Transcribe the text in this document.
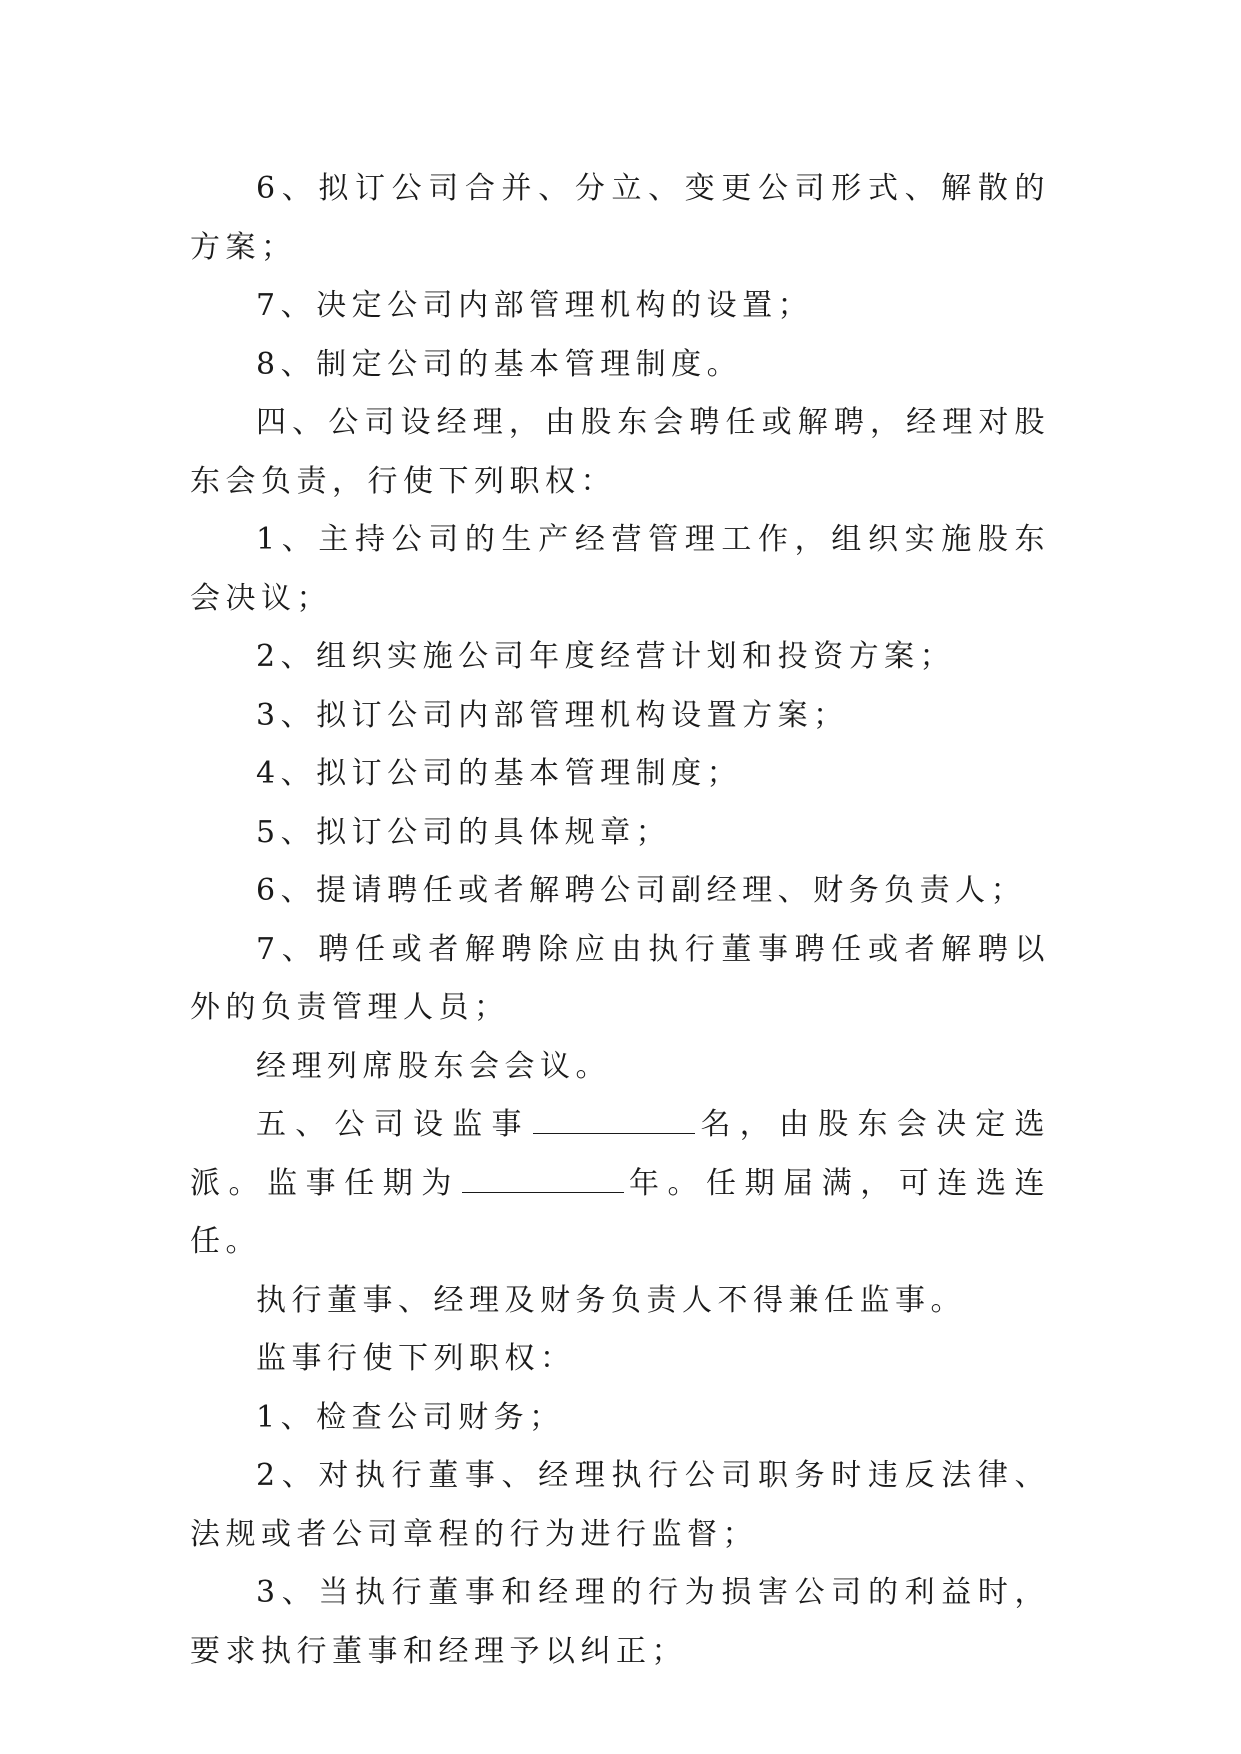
6、拟订公司合并、分立、变更公司形式、解散的方案；

7、决定公司内部管理机构的设置；

8、制定公司的基本管理制度。

四、公司设经理，由股东会聘任或解聘，经理对股东会负责，行使下列职权：

1、主持公司的生产经营管理工作，组织实施股东会决议；

2、组织实施公司年度经营计划和投资方案；

3、拟订公司内部管理机构设置方案；

4、拟订公司的基本管理制度；

5、拟订公司的具体规章；

6、提请聘任或者解聘公司副经理、财务负责人；

7、聘任或者解聘除应由执行董事聘任或者解聘以外的负责管理人员；

经理列席股东会会议。

五、公司设监事	名，由股东会决定选派。监事任期为	年。任期届满，可连选连任。

执行董事、经理及财务负责人不得兼任监事。

监事行使下列职权：

1、检查公司财务；

2、对执行董事、经理执行公司职务时违反法律、法规或者公司章程的行为进行监督；

3、当执行董事和经理的行为损害公司的利益时，要求执行董事和经理予以纠正；
